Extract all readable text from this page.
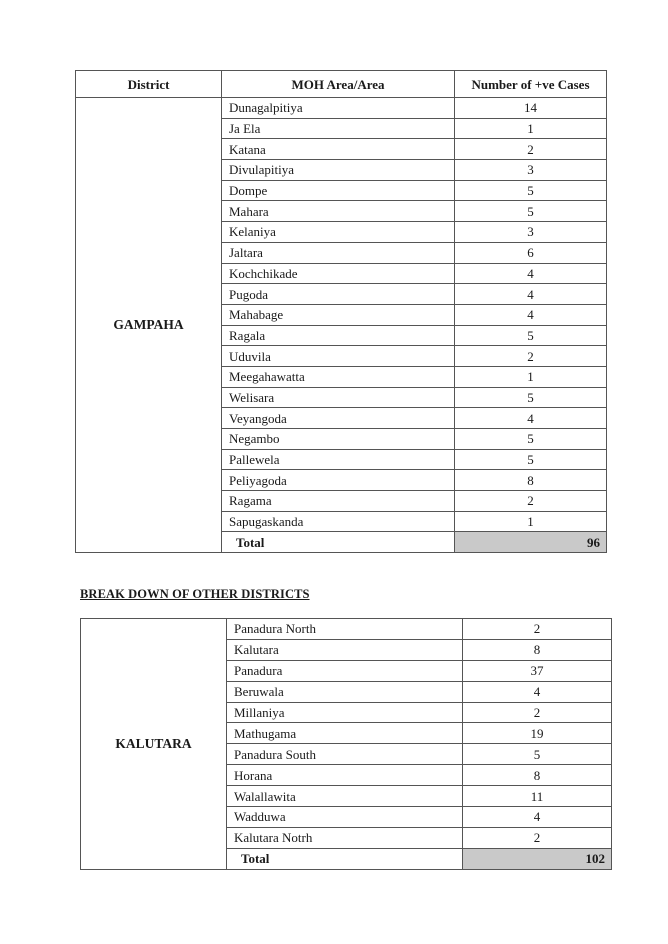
District	MOH Area/Area	Number of +ve Cases
GAMPAHA	Dunagalpitiya	14
	Ja Ela	1
	Katana	2
	Divulapitiya	3
	Dompe	5
	Mahara	5
	Kelaniya	3
	Jaltara	6
	Kochchikade	4
	Pugoda	4
	Mahabage	4
	Ragala	5
	Uduvila	2
	Meegahawatta	1
	Welisara	5
	Veyangoda	4
	Negambo	5
	Pallewela	5
	Peliyagoda	8
	Ragama	2
	Sapugaskanda	1
	Total	96
BREAK DOWN OF OTHER DISTRICTS
KALUTARA	Panadura North	2
	Kalutara	8
	Panadura	37
	Beruwala	4
	Millaniya	2
	Mathugama	19
	Panadura South	5
	Horana	8
	Walallawita	11
	Wadduwa	4
	Kalutara Notrh	2
	Total	102
